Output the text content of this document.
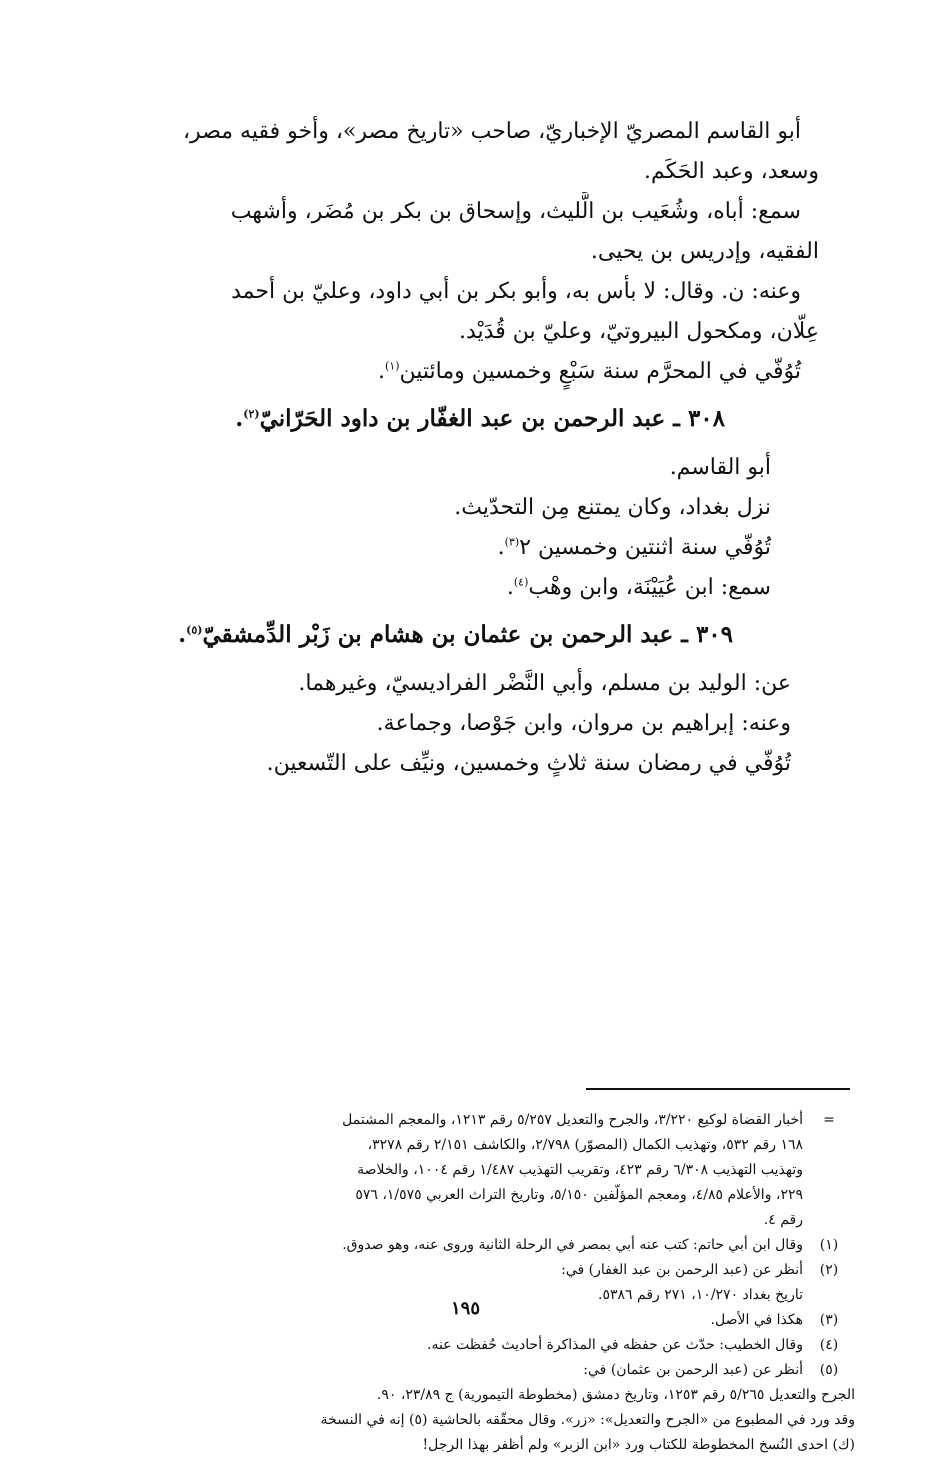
أبو القاسم المصريّ الإخباريّ، صاحب «تاريخ مصر»، وأخو فقيه مصر،

وسعد، وعبد الحَكَم.

سمع: أباه، وشُعَيب بن الَّليث، وإسحاق بن بكر بن مُضَر، وأشهب

الفقيه، وإدريس بن يحيى.

وعنه: ن. وقال: لا بأس به، وأبو بكر بن أبي داود، وعليّ بن أحمد

عِلّان، ومكحول البيروتيّ، وعليّ بن قُدَيْد.

تُوُفّي في المحرَّم سنة سَبْعٍ وخمسين ومائتين$^{(١)}$.

٣٠٨ ـ عبد الرحمن بن عبد الغفّار بن داود الحَرّانيّ$^{(٢)}$.

أبو القاسم.

نزل بغداد، وكان يمتنع مِن التحدّيث.

تُوُفّي سنة اثنتين وخمسين ٢$^{(٣)}$.

سمع: ابن عُيَيْنَة، وابن وهْب$^{(٤)}$.

٣٠٩ ـ عبد الرحمن بن عثمان بن هشام بن زَبْر الدِّمشقيّ$^{(٥)}$.

عن: الوليد بن مسلم، وأبي النَّضْر الفراديسيّ، وغيرهما.

وعنه: إبراهيم بن مروان، وابن جَوْصا، وجماعة.

تُوُفّي في رمضان سنة ثلاثٍ وخمسين، ونيِّف على التّسعين.

=
أخبار القضاة لوكيع ٣/٢٢٠، والجرح والتعديل ٥/٢٥٧ رقم ١٢١٣، والمعجم المشتمل
١٦٨ رقم ٥٣٢، وتهذيب الكمال (المصوّر) ٢/٧٩٨، والكاشف ٢/١٥١ رقم ٣٢٧٨،
وتهذيب التهذيب ٦/٣٠٨ رقم ٤٢٣، وتقريب التهذيب ١/٤٨٧ رقم ١٠٠٤، والخلاصة
٢٢٩، والأعلام ٤/٨٥، ومعجم المؤلّفين ٥/١٥٠، وتاريخ التراث العربي ١/٥٧٥، ٥٧٦
رقم ٤.
(١)
وقال ابن أبي حاتم: كتب عنه أبي بمصر في الرحلة الثانية وروى عنه، وهو صدوق.
(٢)
أنظر عن (عبد الرحمن بن عبد الغفار) في:
تاريخ بغداد ١٠/٢٧٠، ٢٧١ رقم ٥٣٨٦.
(٣)
هكذا في الأصل.
(٤)
وقال الخطيب: حدّث عن حفظه في المذاكرة أحاديث حُفظت عنه.
(٥)
أنظر عن (عبد الرحمن بن عثمان) في:
الجرح والتعديل ٥/٢٦٥ رقم ١٢٥٣، وتاريخ دمشق (مخطوطة التيمورية) ج ٢٣/٨٩، ٩٠.
وقد ورد في المطبوع من «الجرح والتعديل»: «زر». وقال محقّقه بالحاشية (٥) إنه في النسخة
(ك) احدى النُسخ المخطوطة للكتاب ورد «ابن الزبر» ولم أظفر بهذا الرجل!
١٩٥
